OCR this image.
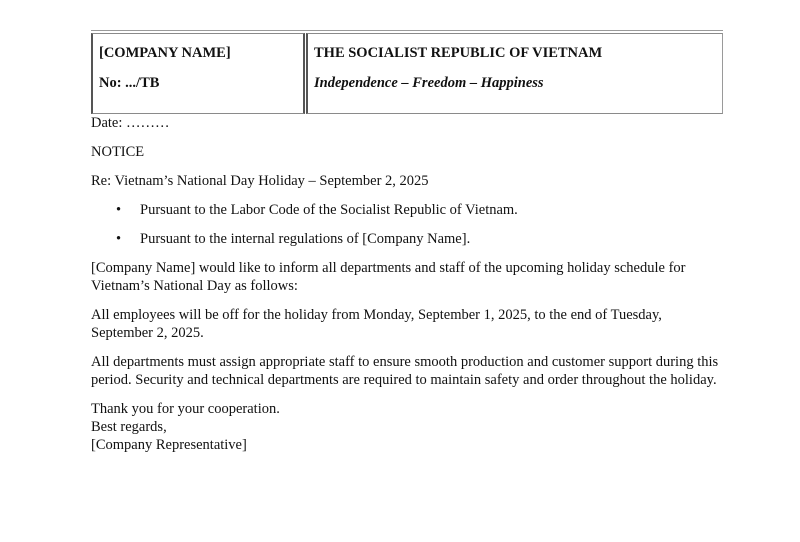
[COMPANY NAME]
No: .../TB
THE SOCIALIST REPUBLIC OF VIETNAM
Independence – Freedom – Happiness

Date: ………

NOTICE

Re: Vietnam’s National Day Holiday – September 2, 2025

• Pursuant to the Labor Code of the Socialist Republic of Vietnam.
• Pursuant to the internal regulations of [Company Name].

[Company Name] would like to inform all departments and staff of the upcoming holiday schedule for Vietnam’s National Day as follows:

All employees will be off for the holiday from Monday, September 1, 2025, to the end of Tuesday, September 2, 2025.

All departments must assign appropriate staff to ensure smooth production and customer support during this period. Security and technical departments are required to maintain safety and order throughout the holiday.

Thank you for your cooperation.

Best regards,

[Company Representative]
